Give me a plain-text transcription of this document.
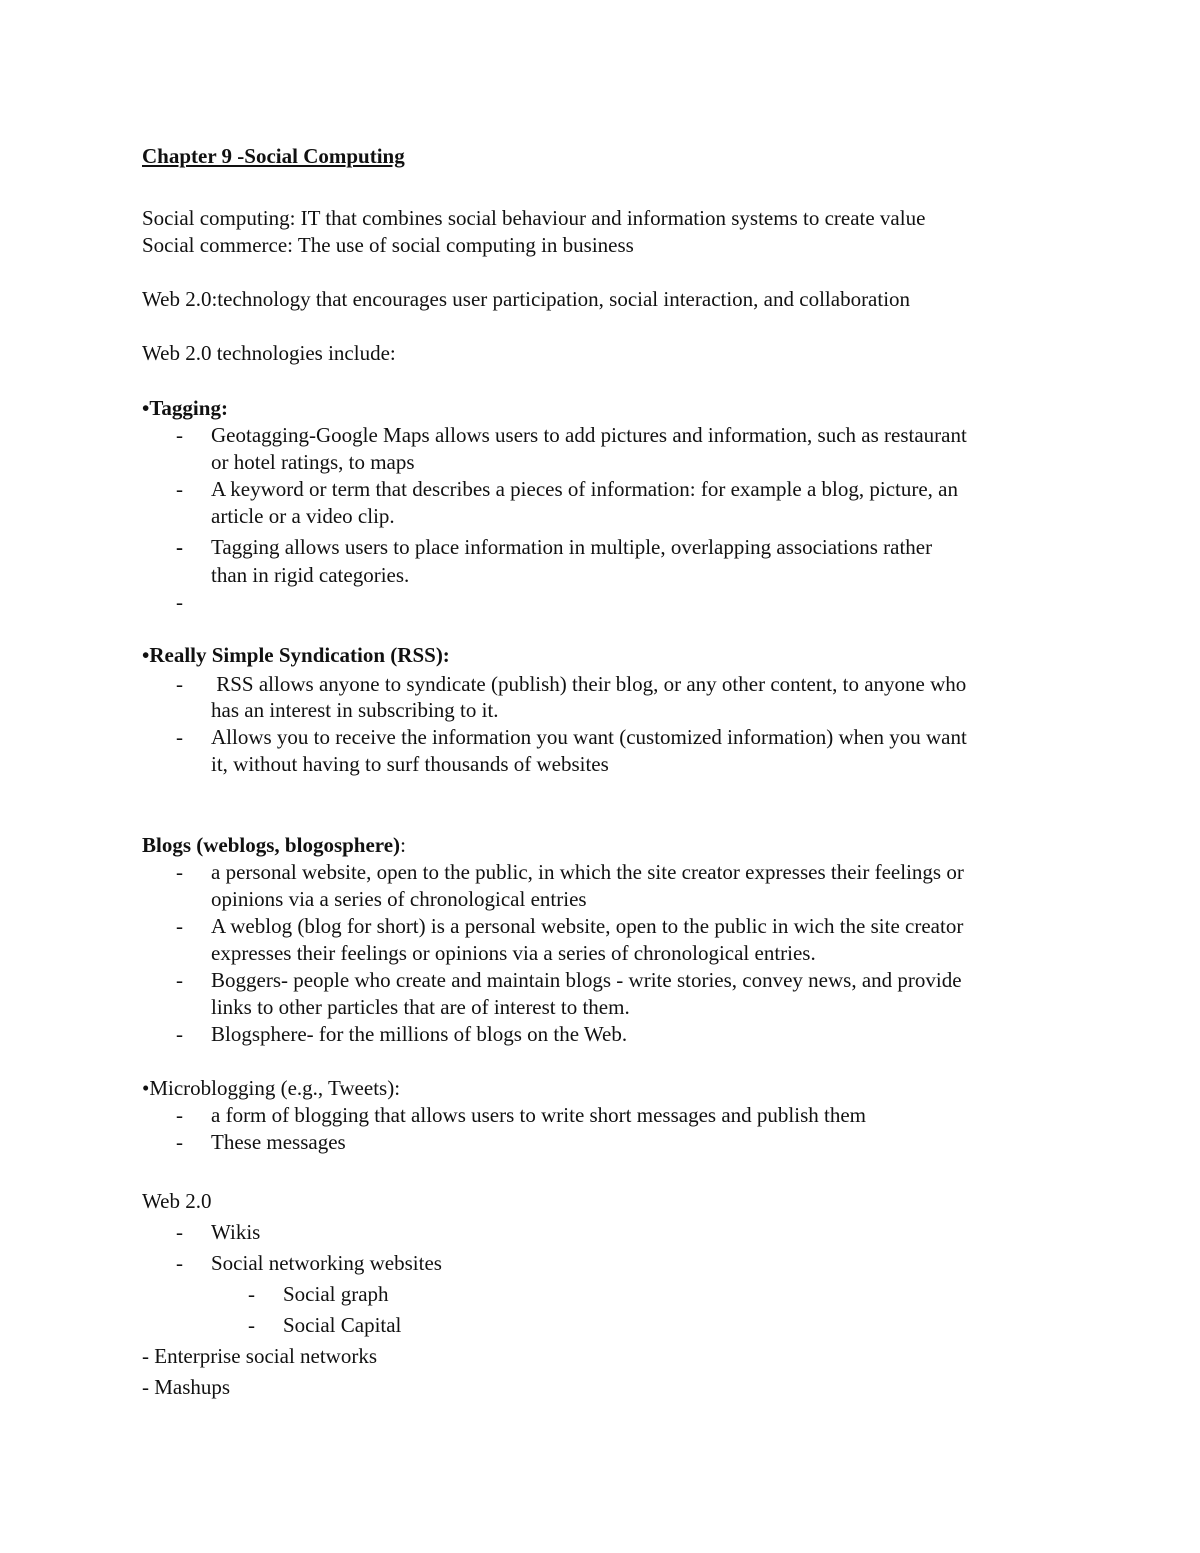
Chapter 9 -Social Computing
Social computing: IT that combines social behaviour and information systems to create value
Social commerce: The use of social computing in business
Web 2.0:technology that encourages user participation, social interaction, and collaboration
Web 2.0 technologies include:
•Tagging:
- Geotagging-Google Maps allows users to add pictures and information, such as restaurant
or hotel ratings, to maps
- A keyword or term that describes a pieces of information: for example a blog, picture, an
article or a video clip.
- Tagging allows users to place information in multiple, overlapping associations rather
than in rigid categories.
-
•Really Simple Syndication (RSS):
- RSS allows anyone to syndicate (publish) their blog, or any other content, to anyone who
has an interest in subscribing to it.
- Allows you to receive the information you want (customized information) when you want
it, without having to surf thousands of websites
Blogs (weblogs, blogosphere):
- a personal website, open to the public, in which the site creator expresses their feelings or
opinions via a series of chronological entries
- A weblog (blog for short) is a personal website, open to the public in wich the site creator
expresses their feelings or opinions via a series of chronological entries.
- Boggers- people who create and maintain blogs - write stories, convey news, and provide
links to other particles that are of interest to them.
- Blogsphere- for the millions of blogs on the Web.
•Microblogging (e.g., Tweets):
- a form of blogging that allows users to write short messages and publish them
- These messages
Web 2.0
- Wikis
- Social networking websites
- Social graph
- Social Capital
- Enterprise social networks
- Mashups
